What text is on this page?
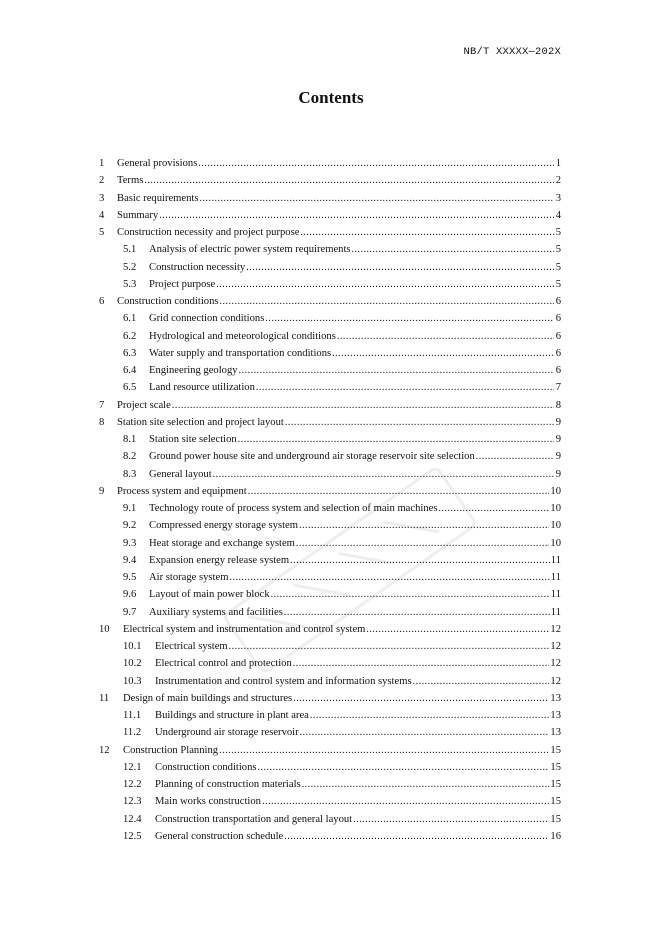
NB/T XXXXX—202X
Contents
1	General provisions .....	1
2	Terms .....	2
3	Basic requirements .....	3
4	Summary .....	4
5	Construction necessity and project purpose .....	5
5.1	Analysis of electric power system requirements .....	5
5.2	Construction necessity .....	5
5.3	Project purpose .....	5
6	Construction conditions .....	6
6.1	Grid connection conditions .....	6
6.2	Hydrological and meteorological conditions .....	6
6.3	Water supply and transportation conditions .....	6
6.4	Engineering geology .....	6
6.5	Land resource utilization .....	7
7	Project scale .....	8
8	Station site selection and project layout .....	9
8.1	Station site selection .....	9
8.2	Ground power house site and underground air storage reservoir site selection .....	9
8.3	General layout .....	9
9	Process system and equipment .....	10
9.1	Technology route of process system and selection of main machines .....	10
9.2	Compressed energy storage system .....	10
9.3	Heat storage and exchange system .....	10
9.4	Expansion energy release system .....	11
9.5	Air storage system .....	11
9.6	Layout of main power block .....	11
9.7	Auxiliary systems and facilities .....	11
10	Electrical system and instrumentation and control system .....	12
10.1	Electrical system .....	12
10.2	Electrical control and protection .....	12
10.3	Instrumentation and control system and information systems .....	12
11	Design of main buildings and structures .....	13
11.1	Buildings and structure in plant area .....	13
11.2	Underground air storage reservoir .....	13
12	Construction Planning .....	15
12.1	Construction conditions .....	15
12.2	Planning of construction materials .....	15
12.3	Main works construction .....	15
12.4	Construction transportation and general layout .....	15
12.5	General construction schedule .....	16
